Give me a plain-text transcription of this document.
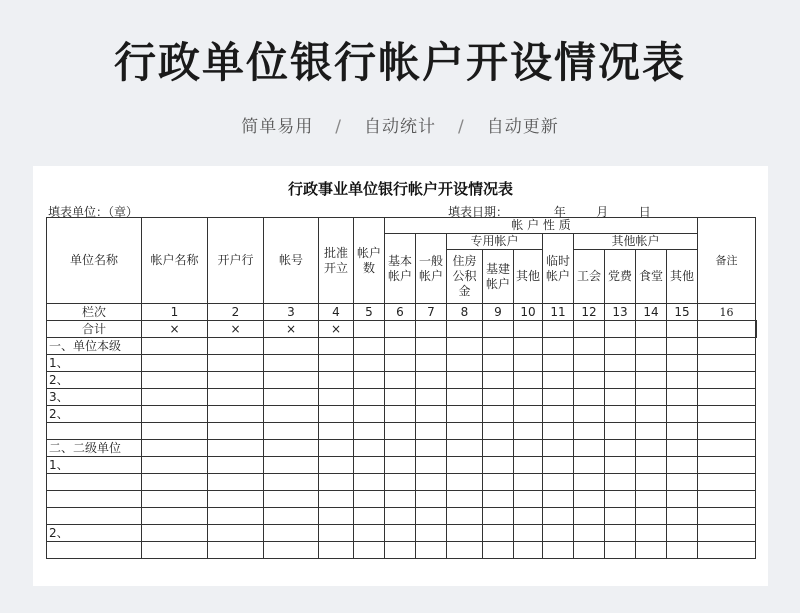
行政单位银行帐户开设情况表
简单易用 / 自动统计 / 自动更新
行政事业单位银行帐户开设情况表
填表单位：（章）	填表日期：            年        月        日
单位名称	帐户名称	开户行	帐号	批准开立	帐户数	帐 户 性 质										备注	
						基本帐户	一般帐户	专用帐户			临时帐户	其他帐户					
								住房公积金	基建帐户	其他		工会	党费	食堂	其他		

栏次	1	2	3	4	5	6	7	8	9	10	11	12	13	14	15	16	
合计	×	×	×	×													
一、单位本级																	
1、																	
2、																	
3、																	
2、																	

二、二级单位																	
1、																	

2、																	
